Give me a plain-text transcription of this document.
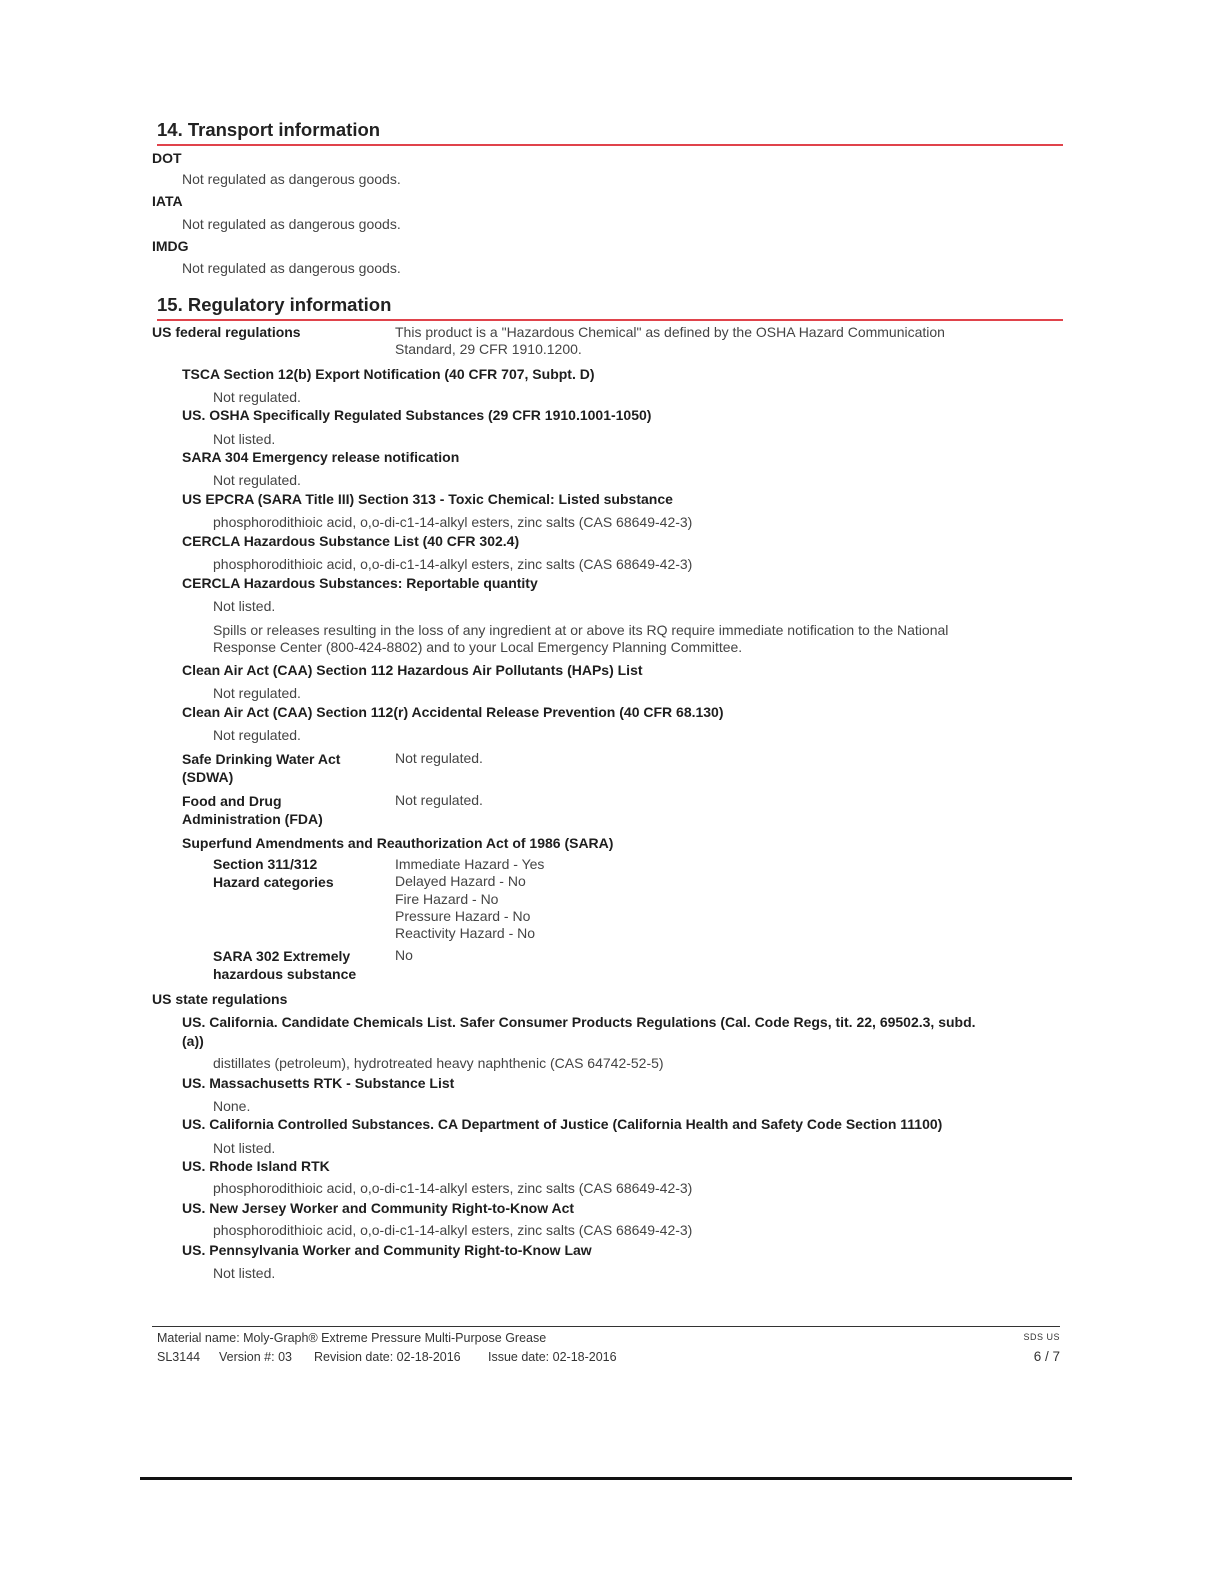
14. Transport information
DOT
Not regulated as dangerous goods.
IATA
Not regulated as dangerous goods.
IMDG
Not regulated as dangerous goods.
15. Regulatory information
US federal regulations	This product is a "Hazardous Chemical" as defined by the OSHA Hazard Communication
Standard, 29 CFR 1910.1200.
TSCA Section 12(b) Export Notification (40 CFR 707, Subpt. D)
Not regulated.
US. OSHA Specifically Regulated Substances (29 CFR 1910.1001-1050)
Not listed.
SARA 304 Emergency release notification
Not regulated.
US EPCRA (SARA Title III) Section 313 - Toxic Chemical: Listed substance
phosphorodithioic acid, o,o-di-c1-14-alkyl esters, zinc salts (CAS 68649-42-3)
CERCLA Hazardous Substance List (40 CFR 302.4)
phosphorodithioic acid, o,o-di-c1-14-alkyl esters, zinc salts (CAS 68649-42-3)
CERCLA Hazardous Substances: Reportable quantity
Not listed.
Spills or releases resulting in the loss of any ingredient at or above its RQ require immediate notification to the National
Response Center (800-424-8802) and to your Local Emergency Planning Committee.
Clean Air Act (CAA) Section 112 Hazardous Air Pollutants (HAPs) List
Not regulated.
Clean Air Act (CAA) Section 112(r) Accidental Release Prevention (40 CFR 68.130)
Not regulated.
Safe Drinking Water Act
(SDWA)
Not regulated.
Food and Drug
Administration (FDA)
Not regulated.
Superfund Amendments and Reauthorization Act of 1986 (SARA)
Section 311/312
Hazard categories
Immediate Hazard - Yes
Delayed Hazard - No
Fire Hazard - No
Pressure Hazard - No
Reactivity Hazard - No
SARA 302 Extremely
hazardous substance
No
US state regulations
US. California. Candidate Chemicals List. Safer Consumer Products Regulations (Cal. Code Regs, tit. 22, 69502.3, subd.
(a))
distillates (petroleum), hydrotreated heavy naphthenic (CAS 64742-52-5)
US. Massachusetts RTK - Substance List
None.
US. California Controlled Substances. CA Department of Justice (California Health and Safety Code Section 11100)
Not listed.
US. Rhode Island RTK
phosphorodithioic acid, o,o-di-c1-14-alkyl esters, zinc salts (CAS 68649-42-3)
US. New Jersey Worker and Community Right-to-Know Act
phosphorodithioic acid, o,o-di-c1-14-alkyl esters, zinc salts (CAS 68649-42-3)
US. Pennsylvania Worker and Community Right-to-Know Law
Not listed.
Material name: Moly-Graph® Extreme Pressure Multi-Purpose Grease
SL3144 Version #: 03 Revision date: 02-18-2016 Issue date: 02-18-2016
SDS US
6 / 7
